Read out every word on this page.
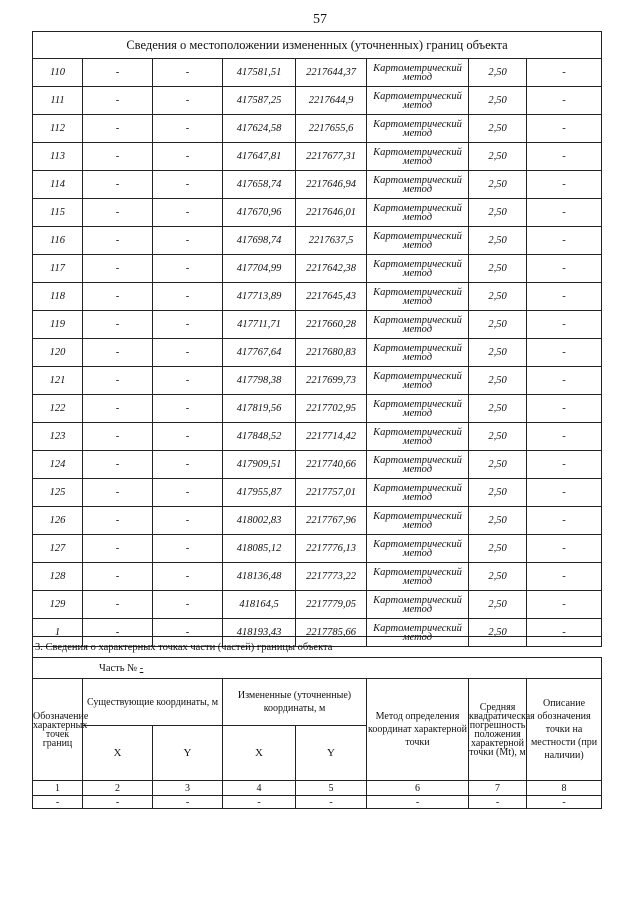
57
Сведения о местоположении измененных (уточненных) границ объекта							
110	-	-	417581,51	2217644,37	Картометрический метод	2,50	-
111	-	-	417587,25	2217644,9	Картометрический метод	2,50	-
112	-	-	417624,58	2217655,6	Картометрический метод	2,50	-
113	-	-	417647,81	2217677,31	Картометрический метод	2,50	-
114	-	-	417658,74	2217646,94	Картометрический метод	2,50	-
115	-	-	417670,96	2217646,01	Картометрический метод	2,50	-
116	-	-	417698,74	2217637,5	Картометрический метод	2,50	-
117	-	-	417704,99	2217642,38	Картометрический метод	2,50	-
118	-	-	417713,89	2217645,43	Картометрический метод	2,50	-
119	-	-	417711,71	2217660,28	Картометрический метод	2,50	-
120	-	-	417767,64	2217680,83	Картометрический метод	2,50	-
121	-	-	417798,38	2217699,73	Картометрический метод	2,50	-
122	-	-	417819,56	2217702,95	Картометрический метод	2,50	-
123	-	-	417848,52	2217714,42	Картометрический метод	2,50	-
124	-	-	417909,51	2217740,66	Картометрический метод	2,50	-
125	-	-	417955,87	2217757,01	Картометрический метод	2,50	-
126	-	-	418002,83	2217767,96	Картометрический метод	2,50	-
127	-	-	418085,12	2217776,13	Картометрический метод	2,50	-
128	-	-	418136,48	2217773,22	Картометрический метод	2,50	-
129	-	-	418164,5	2217779,05	Картометрический метод	2,50	-
1	-	-	418193,43	2217785,66	Картометрический метод	2,50	-
3. Сведения о характерных точках части (частей) границы объекта							
Часть № -							
Обозначение характерных точек границ	Существующие координаты, м		Измененные (уточненные) координаты, м		Метод определения координат характерной точки	Средняя квадратическая погрешность положения характерной точки (Mt), м	Описание обозначения точки на местности (при наличии)
	X	Y	X	Y			
1	2	3	4	5	6	7	8
-	-	-	-	-	-	-	-
